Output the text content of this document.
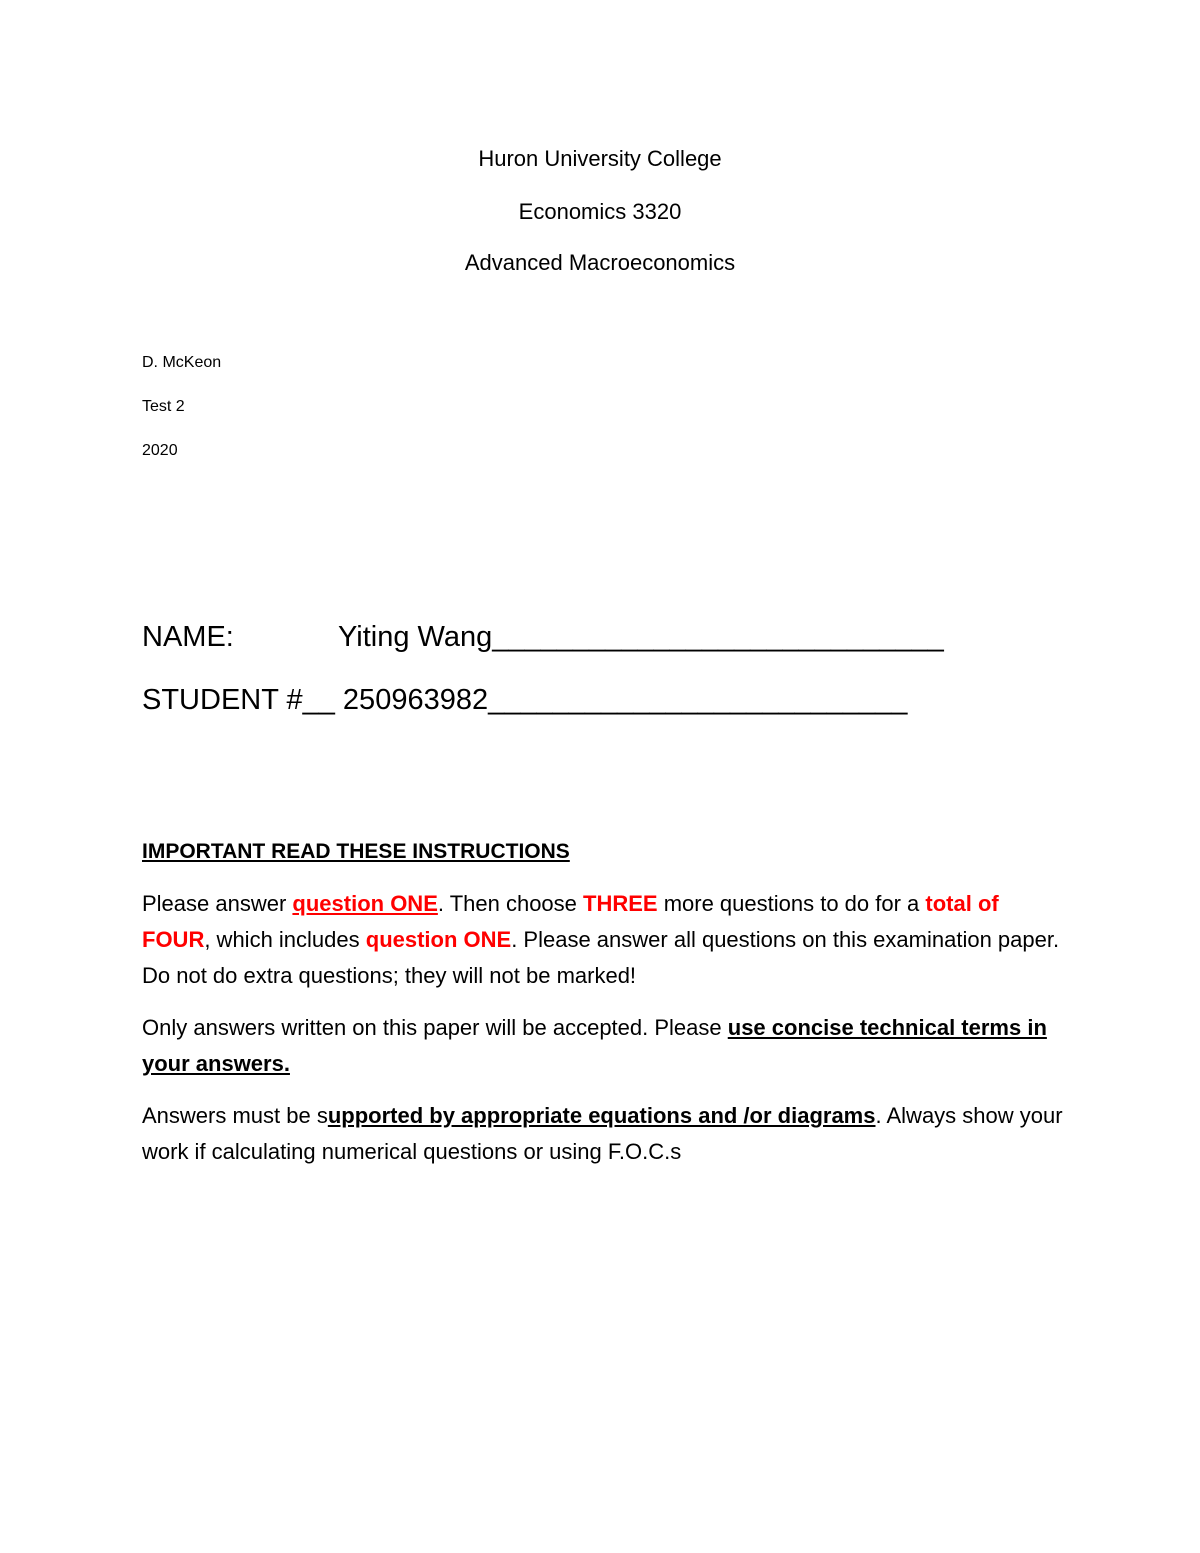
Huron University College
Economics 3320
Advanced Macroeconomics
D. McKeon
Test 2
2020
NAME:	Yiting Wang____________________________
STUDENT #__ 250963982__________________________
IMPORTANT READ THESE INSTRUCTIONS

Please answer question ONE. Then choose THREE more questions to do for a total of FOUR, which includes question ONE. Please answer all questions on this examination paper. Do not do extra questions; they will not be marked!

Only answers written on this paper will be accepted. Please use concise technical terms in your answers.

Answers must be supported by appropriate equations and /or diagrams. Always show your work if calculating numerical questions or using F.O.C.s
